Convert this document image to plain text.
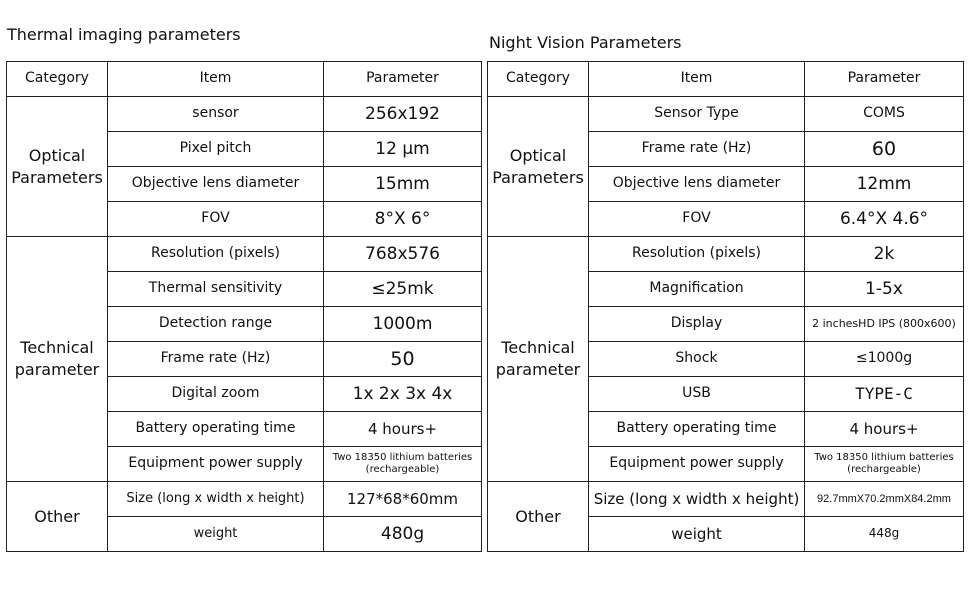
Thermal imaging parameters	Night Vision Parameters
Category	Item	Parameter
Optical Parameters	sensor	256x192
	Pixel pitch	12 µm
	Objective lens diameter	15mm
	FOV	8°X 6°
Technical parameter	Resolution (pixels)	768x576
	Thermal sensitivity	≤25mk
	Detection range	1000m
	Frame rate (Hz)	50
	Digital zoom	1x 2x 3x 4x
	Battery operating time	4 hours+
	Equipment power supply	Two 18350 lithium batteries (rechargeable)
Other	Size (long x width x height)	127*68*60mm
	weight	480g
Category	Item	Parameter
Optical Parameters	Sensor Type	COMS
	Frame rate (Hz)	60
	Objective lens diameter	12mm
	FOV	6.4°X 4.6°
Technical parameter	Resolution (pixels)	2k
	Magnification	1-5x
	Display	2 inchesHD IPS (800x600)
	Shock	≤1000g
	USB	TYPE-C
	Battery operating time	4 hours+
	Equipment power supply	Two 18350 lithium batteries (rechargeable)
Other	Size (long x width x height)	92.7mmX70.2mmX84.2mm
	weight	448g
